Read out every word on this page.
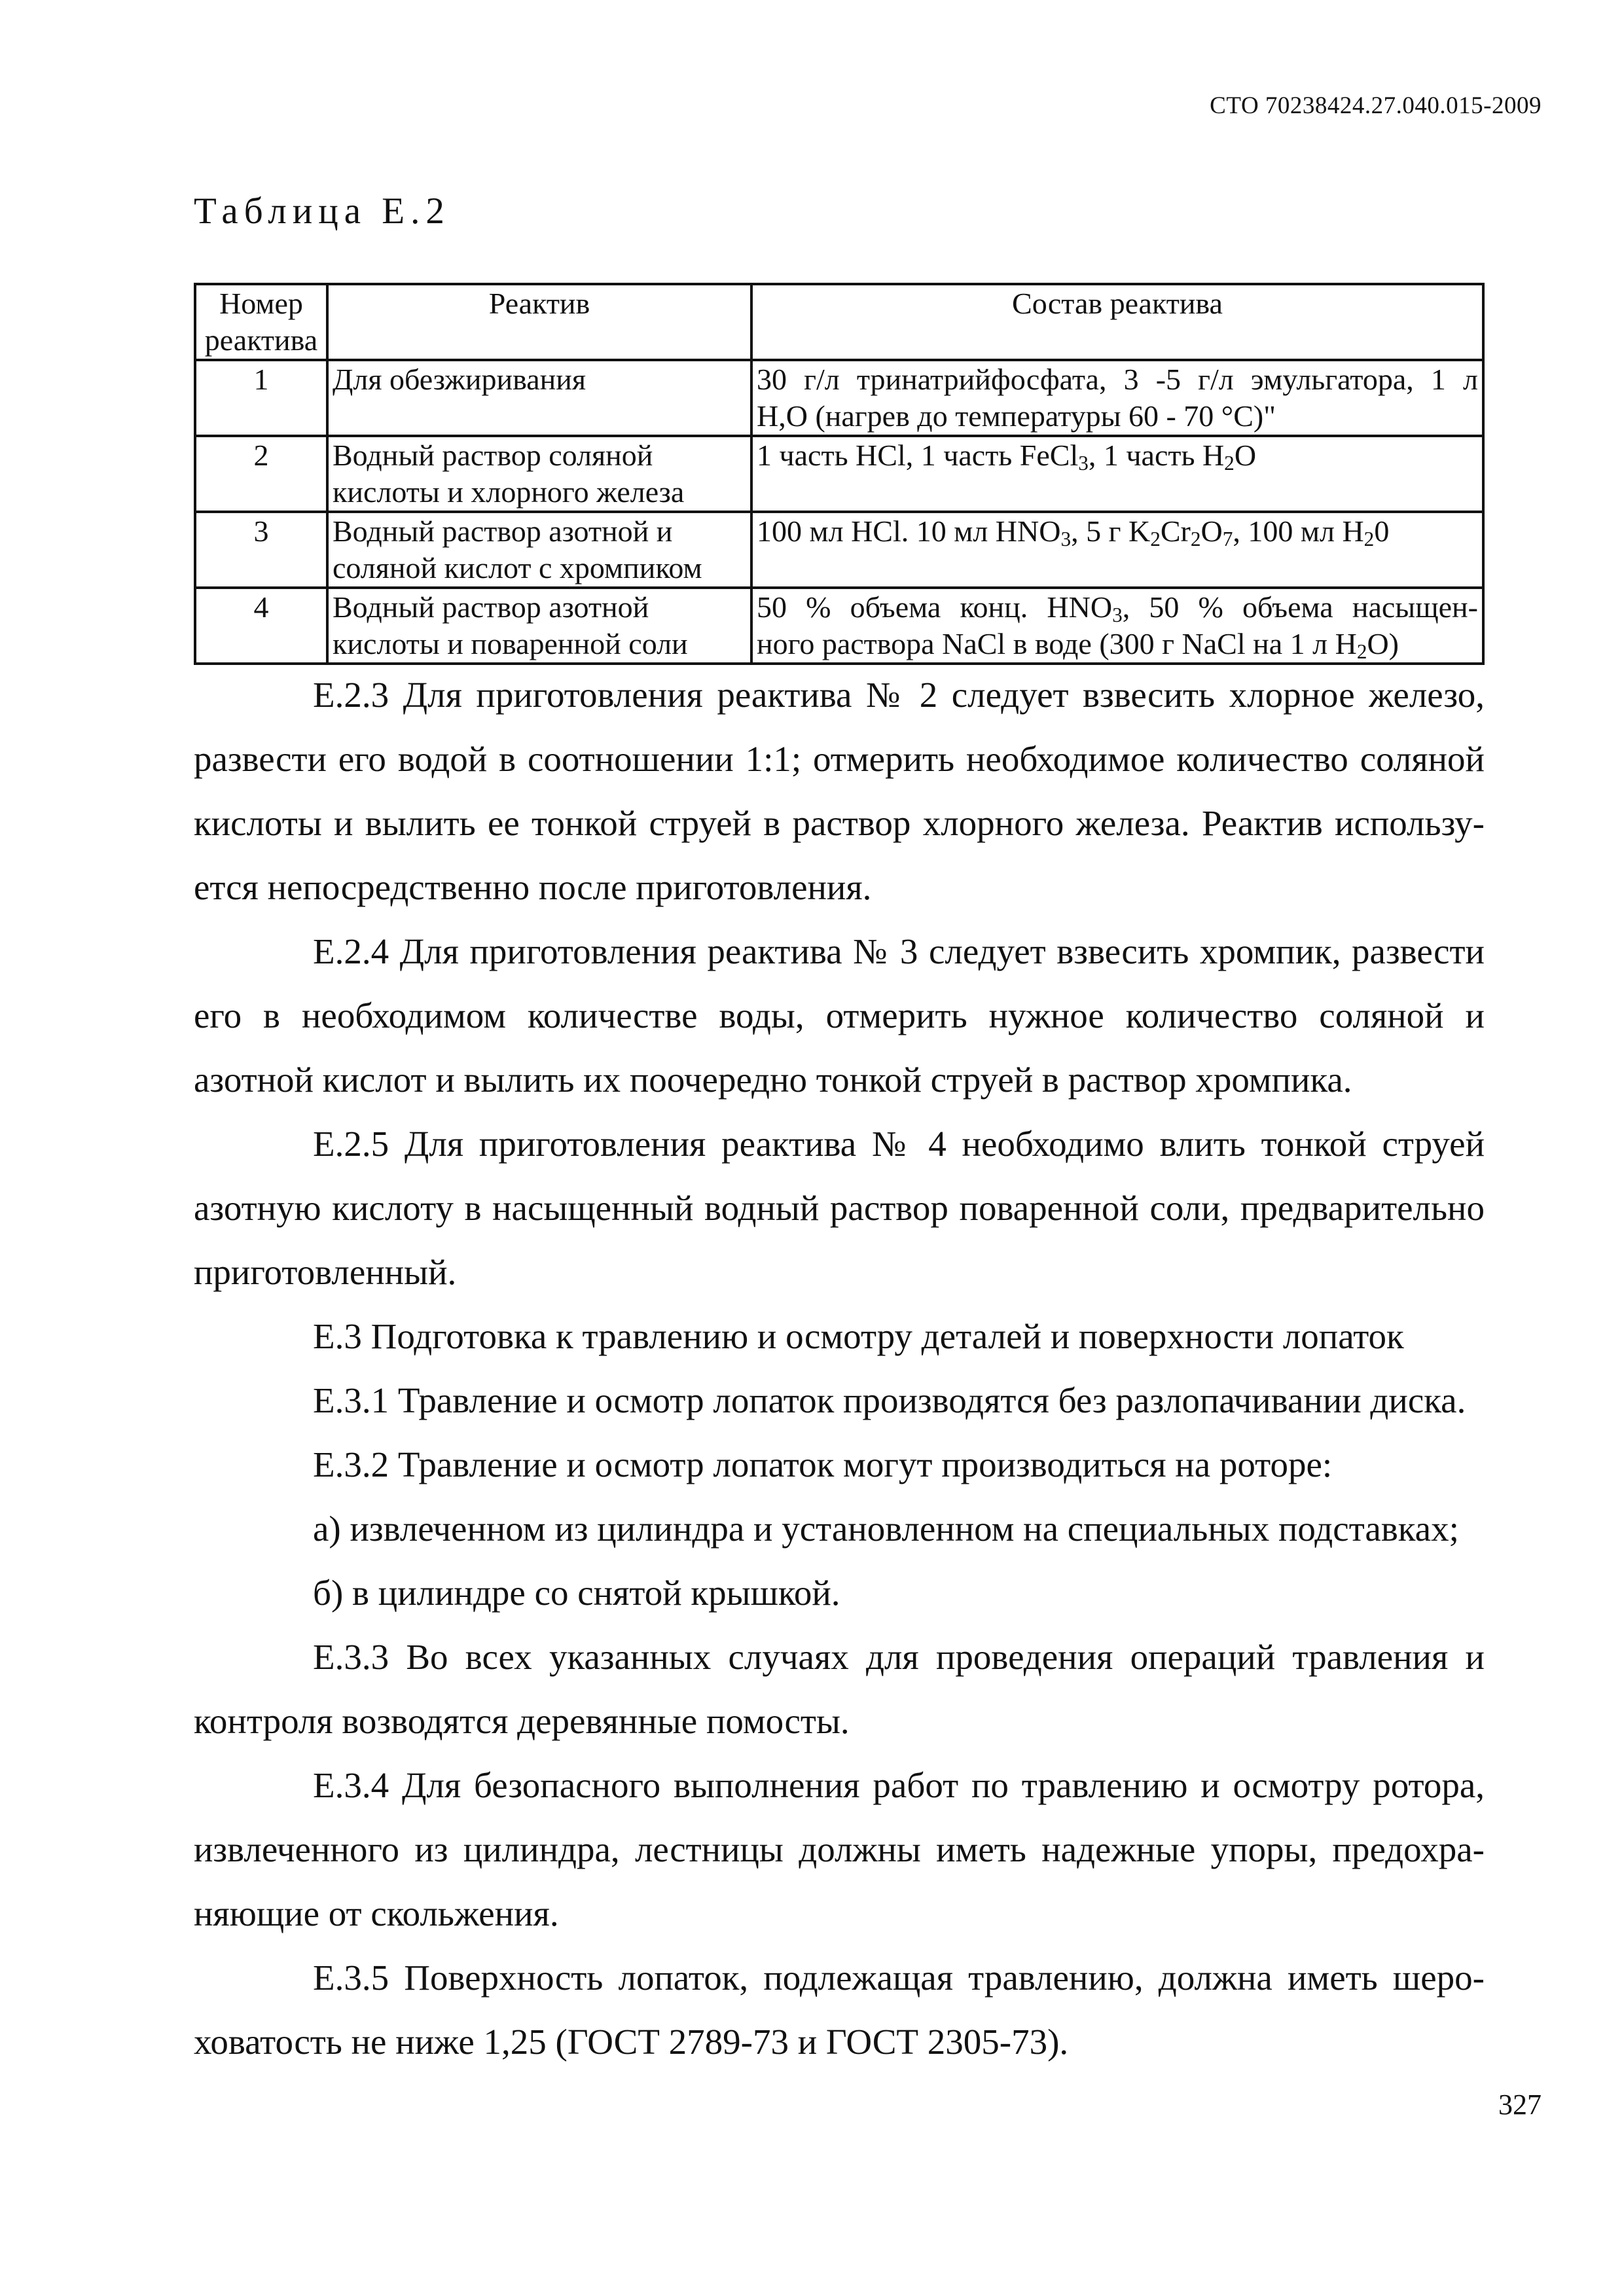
СТО 70238424.27.040.015-2009
Таблица Е.2
Номер реактива	Реактив	Состав реактива
1	Для обезжиривания	30 г/л тринатрийфосфата, 3 -5 г/л эмульгатора, 1 л
Н,О (нагрев до температуры 60 - 70 °С)"

2	Водный раствор соляной кислоты и хлорного железа	1 часть HCl, 1 часть FeCl$_3$, 1 часть $H_2O$
3	Водный раствор азотной и соляной кислот с хромпиком	100 мл HCl. 10 мл $HNO_3$, 5 г $K_2Cr_2O_7$, 100 мл $H_20$
4	Водный раствор азотной кислоты и поваренной соли	50 % объема конц. $HNO_3$, 50 % объема насыщен-
ного раствора NaCl в воде (300 г NaCl на 1 л $H_2O$)

Е.2.3 Для приготовления реактива № 2 следует взвесить хлорное железо, развести его водой в соотношении 1:1; отмерить необходимое количество соляной кислоты и вылить ее тонкой струей в раствор хлорного железа. Реактив используется непосредственно после приготовления.

Е.2.4 Для приготовления реактива № 3 следует взвесить хромпик, развести его в необходимом количестве воды, отмерить нужное количество соляной и азотной кислот и вылить их поочередно тонкой струей в раствор хромпика.

Е.2.5 Для приготовления реактива № 4 необходимо влить тонкой струей азотную кислоту в насыщенный водный раствор поваренной соли, предварительно приготовленный.

Е.3 Подготовка к травлению и осмотру деталей и поверхности лопаток

Е.3.1 Травление и осмотр лопаток производятся без разлопачивании диска.

Е.3.2 Травление и осмотр лопаток могут производиться на роторе:

а) извлеченном из цилиндра и установленном на специальных подставках;

б) в цилиндре со снятой крышкой.

Е.3.3 Во всех указанных случаях для проведения операций травления и контроля возводятся деревянные помосты.

Е.3.4 Для безопасного выполнения работ по травлению и осмотру ротора, извлеченного из цилиндра, лестницы должны иметь надежные упоры, предохраняющие от скольжения.

Е.3.5 Поверхность лопаток, подлежащая травлению, должна иметь шероховатость не ниже 1,25 (ГОСТ 2789-73 и ГОСТ 2305-73).

327
